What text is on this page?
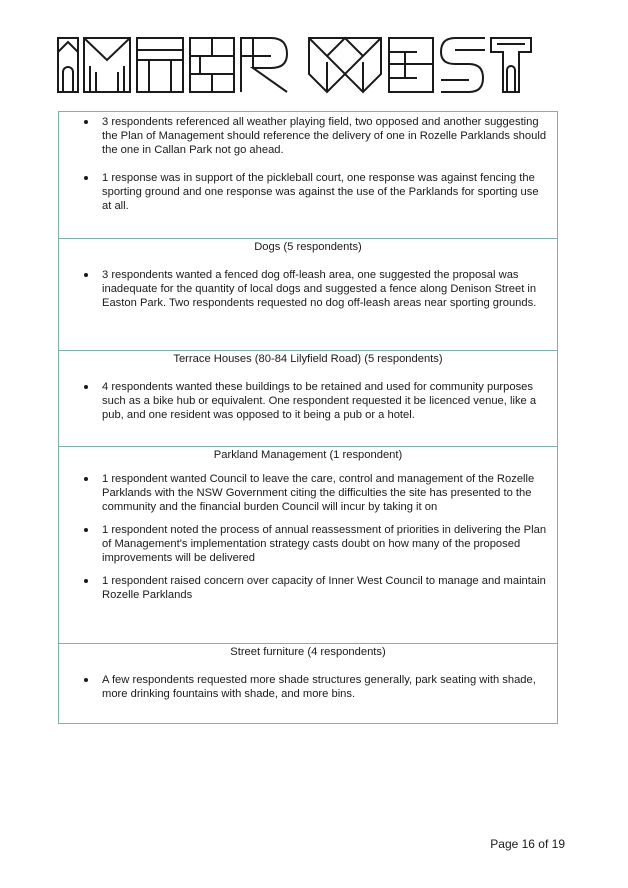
3 respondents referenced all weather playing field, two opposed and another suggesting the Plan of Management should reference the delivery of one in Rozelle Parklands should the one in Callan Park not go ahead.
1 response was in support of the pickleball court, one response was against fencing the sporting ground and one response was against the use of the Parklands for sporting use at all.

Dogs (5 respondents)

3 respondents wanted a fenced dog off-leash area, one suggested the proposal was inadequate for the quantity of local dogs and suggested a fence along Denison Street in Easton Park. Two respondents requested no dog off-leash areas near sporting grounds.

Terrace Houses (80-84 Lilyfield Road) (5 respondents)

4 respondents wanted these buildings to be retained and used for community purposes such as a bike hub or equivalent. One respondent requested it be licenced venue, like a pub, and one resident was opposed to it being a pub or a hotel.

Parkland Management (1 respondent)

1 respondent wanted Council to leave the care, control and management of the Rozelle Parklands with the NSW Government citing the difficulties the site has presented to the community and the financial burden Council will incur by taking it on
1 respondent noted the process of annual reassessment of priorities in delivering the Plan of Management's implementation strategy casts doubt on how many of the proposed improvements will be delivered
1 respondent raised concern over capacity of Inner West Council to manage and maintain Rozelle Parklands

Street furniture (4 respondents)

A few respondents requested more shade structures generally, park seating with shade, more drinking fountains with shade, and more bins.
Page 16 of 19
